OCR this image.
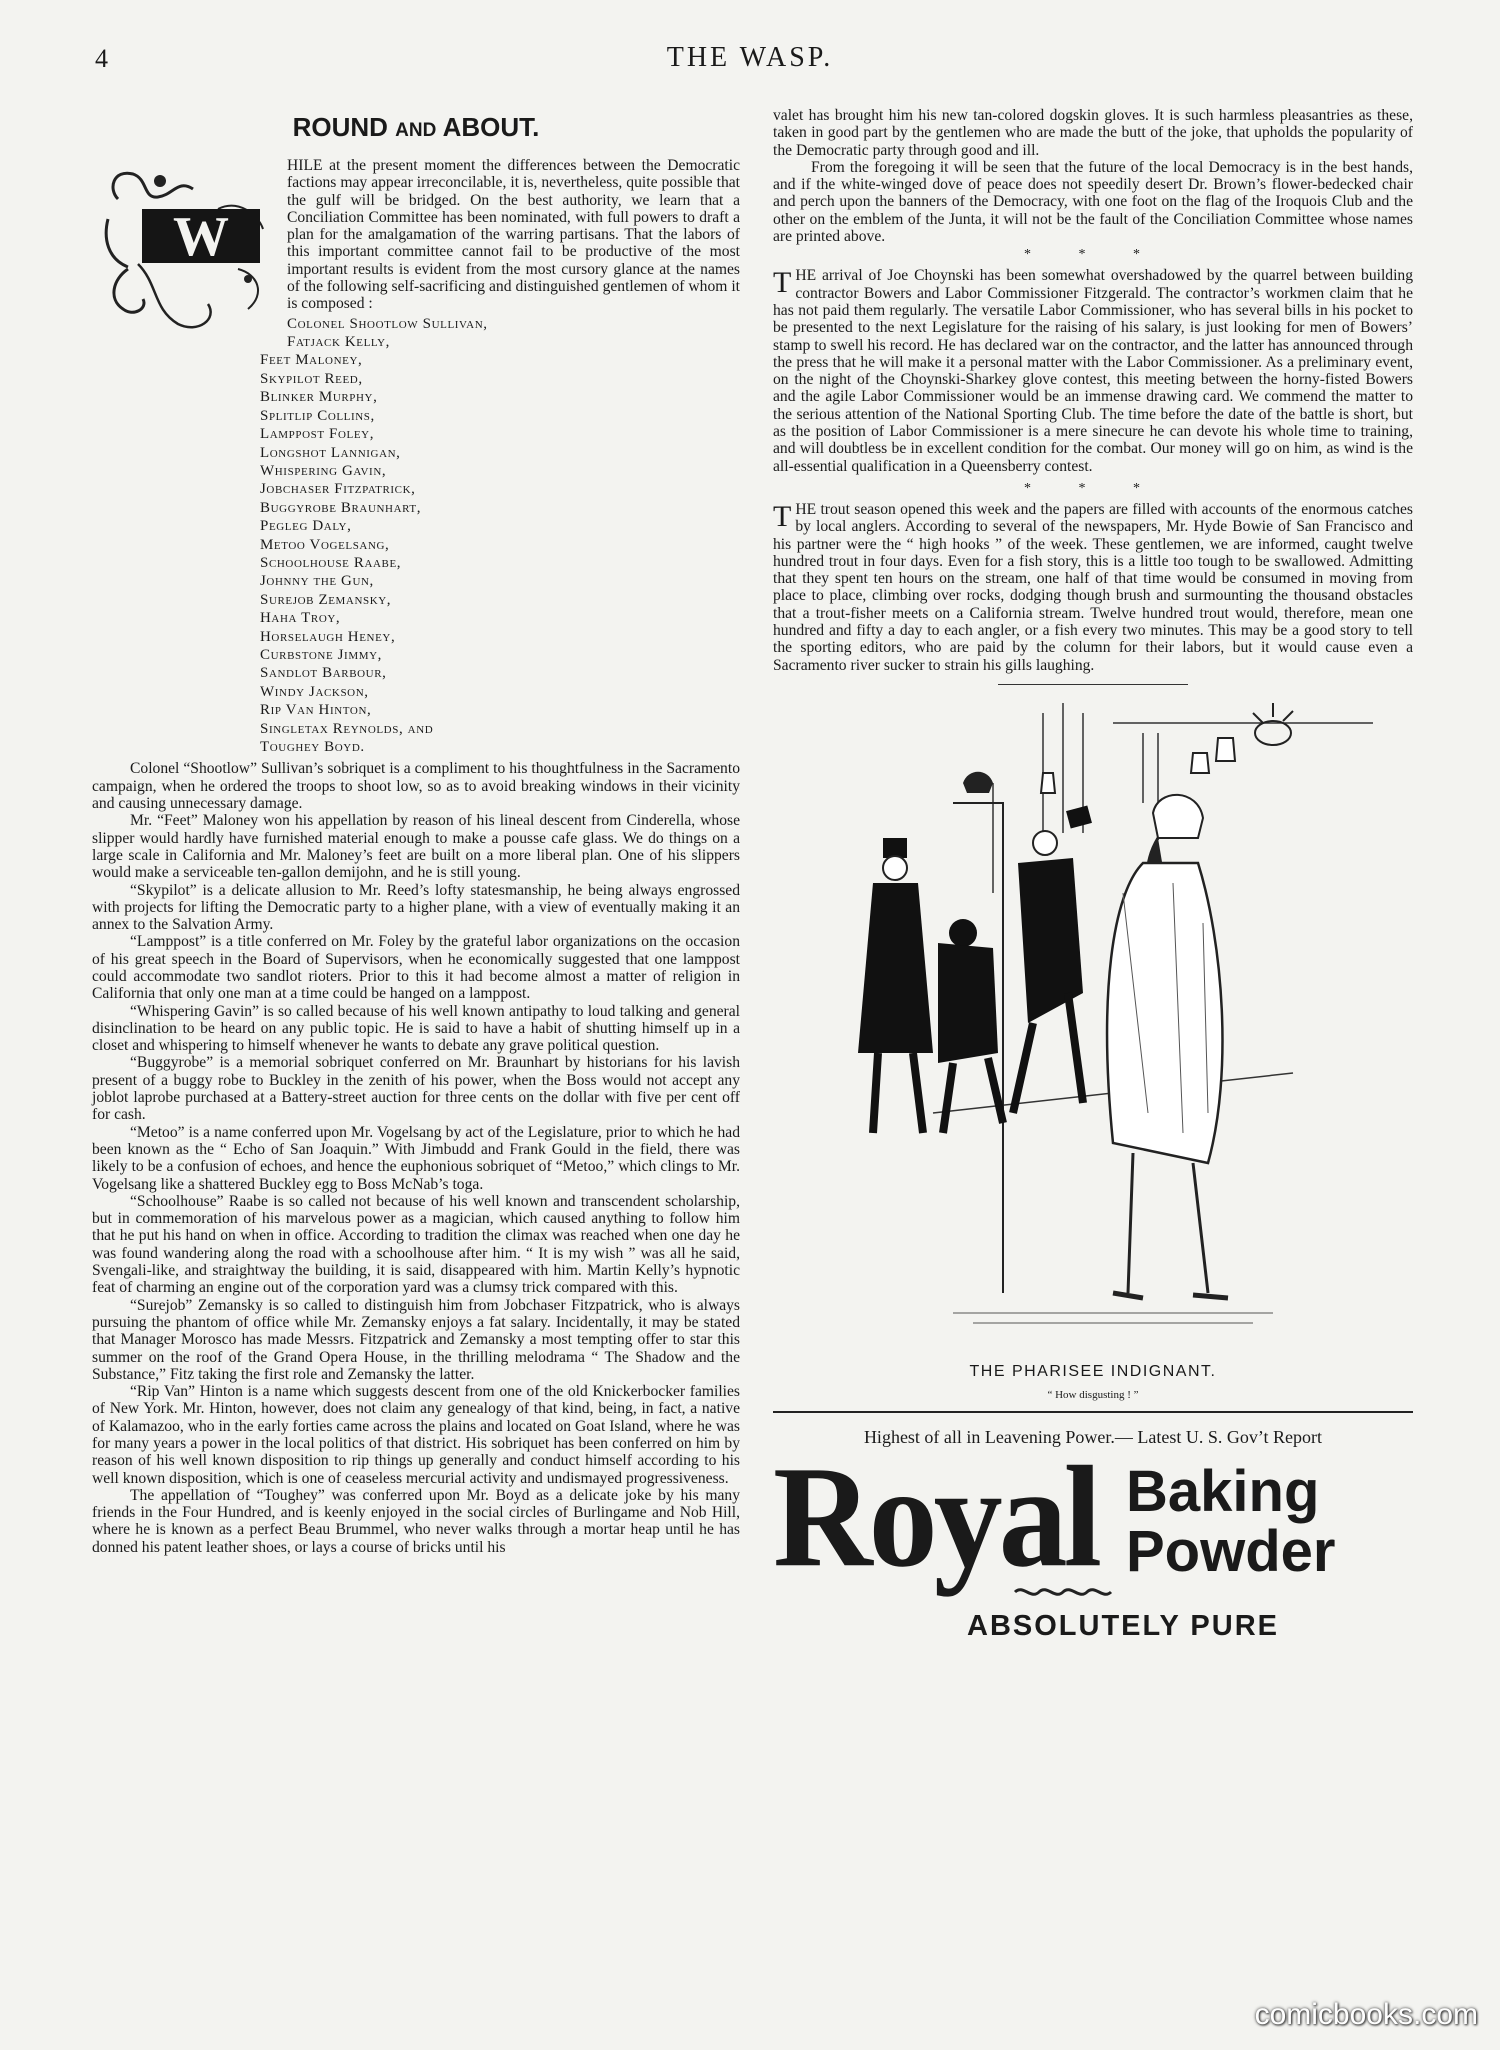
4	THE WASP.
ROUND AND ABOUT.
W

HILE at the present moment the differences between the Democratic factions may appear irreconcilable, it is, nevertheless, quite possible that the gulf will be bridged. On the best authority, we learn that a Conciliation Committee has been nominated, with full powers to draft a plan for the amalgamation of the warring partisans. That the labors of this important committee cannot fail to be productive of the most important results is evident from the most cursory glance at the names of the following self-sacrificing and distinguished gentlemen of whom it is composed :

Colonel Shootlow Sullivan,
Fatjack Kelly,
Feet Maloney,
Skypilot Reed,
Blinker Murphy,
Splitlip Collins,
Lamppost Foley,
Longshot Lannigan,
Whispering Gavin,
Jobchaser Fitzpatrick,
Buggyrobe Braunhart,
Pegleg Daly,
Metoo Vogelsang,
Schoolhouse Raabe,
Johnny the Gun,
Surejob Zemansky,
Haha Troy,
Horselaugh Heney,
Curbstone Jimmy,
Sandlot Barbour,
Windy Jackson,
Rip Van Hinton,
Singletax Reynolds, and
Toughey Boyd.

Colonel “Shootlow” Sullivan’s sobriquet is a compliment to his thoughtfulness in the Sacramento campaign, when he ordered the troops to shoot low, so as to avoid breaking windows in their vicinity and causing unnecessary damage.

Mr. “Feet” Maloney won his appellation by reason of his lineal descent from Cinderella, whose slipper would hardly have furnished material enough to make a pousse cafe glass. We do things on a large scale in California and Mr. Maloney’s feet are built on a more liberal plan. One of his slippers would make a serviceable ten-gallon demijohn, and he is still young.

“Skypilot” is a delicate allusion to Mr. Reed’s lofty statesmanship, he being always engrossed with projects for lifting the Democratic party to a higher plane, with a view of eventually making it an annex to the Salvation Army.

“Lamppost” is a title conferred on Mr. Foley by the grateful labor organizations on the occasion of his great speech in the Board of Supervisors, when he economically suggested that one lamppost could accommodate two sandlot rioters. Prior to this it had become almost a matter of religion in California that only one man at a time could be hanged on a lamppost.

“Whispering Gavin” is so called because of his well known antipathy to loud talking and general disinclination to be heard on any public topic. He is said to have a habit of shutting himself up in a closet and whispering to himself whenever he wants to debate any grave political question.

“Buggyrobe” is a memorial sobriquet conferred on Mr. Braunhart by historians for his lavish present of a buggy robe to Buckley in the zenith of his power, when the Boss would not accept any joblot laprobe purchased at a Battery-street auction for three cents on the dollar with five per cent off for cash.

“Metoo” is a name conferred upon Mr. Vogelsang by act of the Legislature, prior to which he had been known as the “ Echo of San Joaquin.” With Jimbudd and Frank Gould in the field, there was likely to be a confusion of echoes, and hence the euphonious sobriquet of “Metoo,” which clings to Mr. Vogelsang like a shattered Buckley egg to Boss McNab’s toga.

“Schoolhouse” Raabe is so called not because of his well known and transcendent scholarship, but in commemoration of his marvelous power as a magician, which caused anything to follow him that he put his hand on when in office. According to tradition the climax was reached when one day he was found wandering along the road with a schoolhouse after him. “ It is my wish ” was all he said, Svengali-like, and straightway the building, it is said, disappeared with him. Martin Kelly’s hypnotic feat of charming an engine out of the corporation yard was a clumsy trick compared with this.

“Surejob” Zemansky is so called to distinguish him from Jobchaser Fitzpatrick, who is always pursuing the phantom of office while Mr. Zemansky enjoys a fat salary. Incidentally, it may be stated that Manager Morosco has made Messrs. Fitzpatrick and Zemansky a most tempting offer to star this summer on the roof of the Grand Opera House, in the thrilling melodrama “ The Shadow and the Substance,” Fitz taking the first role and Zemansky the latter.

“Rip Van” Hinton is a name which suggests descent from one of the old Knickerbocker families of New York. Mr. Hinton, however, does not claim any genealogy of that kind, being, in fact, a native of Kalamazoo, who in the early forties came across the plains and located on Goat Island, where he was for many years a power in the local politics of that district. His sobriquet has been conferred on him by reason of his well known disposition to rip things up generally and conduct himself according to his well known disposition, which is one of ceaseless mercurial activity and undismayed progressiveness.

The appellation of “Toughey” was conferred upon Mr. Boyd as a delicate joke by his many friends in the Four Hundred, and is keenly enjoyed in the social circles of Burlingame and Nob Hill, where he is known as a perfect Beau Brummel, who never walks through a mortar heap until he has donned his patent leather shoes, or lays a course of bricks until his

valet has brought him his new tan-colored dogskin gloves. It is such harmless pleasantries as these, taken in good part by the gentlemen who are made the butt of the joke, that upholds the popularity of the Democratic party through good and ill.

From the foregoing it will be seen that the future of the local Democracy is in the best hands, and if the white-winged dove of peace does not speedily desert Dr. Brown’s flower-bedecked chair and perch upon the banners of the Democracy, with one foot on the flag of the Iroquois Club and the other on the emblem of the Junta, it will not be the fault of the Conciliation Committee whose names are printed above.

* * *

T HE arrival of Joe Choynski has been somewhat overshadowed by the quarrel between building contractor Bowers and Labor Commissioner Fitzgerald. The contractor’s workmen claim that he has not paid them regularly. The versatile Labor Commissioner, who has several bills in his pocket to be presented to the next Legislature for the raising of his salary, is just looking for men of Bowers’ stamp to swell his record. He has declared war on the contractor, and the latter has announced through the press that he will make it a personal matter with the Labor Commissioner. As a preliminary event, on the night of the Choynski-Sharkey glove contest, this meeting between the horny-fisted Bowers and the agile Labor Commissioner would be an immense drawing card. We commend the matter to the serious attention of the National Sporting Club. The time before the date of the battle is short, but as the position of Labor Commissioner is a mere sinecure he can devote his whole time to training, and will doubtless be in excellent condition for the combat. Our money will go on him, as wind is the all-essential qualification in a Queensberry contest.

* * *

T HE trout season opened this week and the papers are filled with accounts of the enormous catches by local anglers. According to several of the newspapers, Mr. Hyde Bowie of San Francisco and his partner were the “ high hooks ” of the week. These gentlemen, we are informed, caught twelve hundred trout in four days. Even for a fish story, this is a little too tough to be swallowed. Admitting that they spent ten hours on the stream, one half of that time would be consumed in moving from place to place, climbing over rocks, dodging though brush and surmounting the thousand obstacles that a trout-fisher meets on a California stream. Twelve hundred trout would, therefore, mean one hundred and fifty a day to each angler, or a fish every two minutes. This may be a good story to tell the sporting editors, who are paid by the column for their labors, but it would cause even a Sacramento river sucker to strain his gills laughing.

THE PHARISEE INDIGNANT.
“ How disgusting ! ”
Highest of all in Leavening Power.— Latest U. S. Gov’t Report
Royal Baking
Powder
ABSOLUTELY PURE
comicbooks.com
